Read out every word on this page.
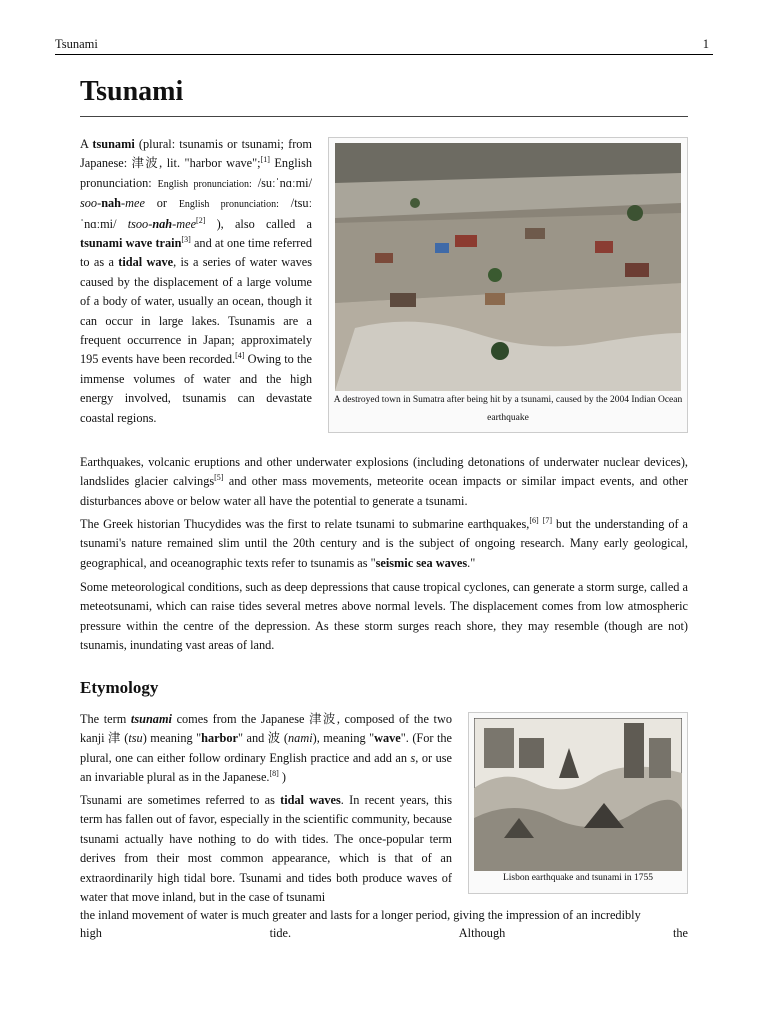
Tsunami	1
Tsunami

A tsunami (plural: tsunamis or tsunami; from Japanese: 津波, lit. "harbor wave";[1] English pronunciation: English pronunciation: /suːˈnɑːmi/ soo-nah-mee or English pronunciation: /tsuːˈnɑːmi/ tsoo-nah-mee[2] ), also called a tsunami wave train[3] and at one time referred to as a tidal wave, is a series of water waves caused by the displacement of a large volume of a body of water, usually an ocean, though it can occur in large lakes. Tsunamis are a frequent occurrence in Japan; approximately 195 events have been recorded.[4] Owing to the immense volumes of water and the high energy involved, tsunamis can devastate coastal regions.

A destroyed town in Sumatra after being hit by a tsunami, caused by the 2004 Indian Ocean earthquake

Earthquakes, volcanic eruptions and other underwater explosions (including detonations of underwater nuclear devices), landslides glacier calvings[5] and other mass movements, meteorite ocean impacts or similar impact events, and other disturbances above or below water all have the potential to generate a tsunami.

The Greek historian Thucydides was the first to relate tsunami to submarine earthquakes,[6] [7] but the understanding of a tsunami's nature remained slim until the 20th century and is the subject of ongoing research. Many early geological, geographical, and oceanographic texts refer to tsunamis as "seismic sea waves."

Some meteorological conditions, such as deep depressions that cause tropical cyclones, can generate a storm surge, called a meteotsunami, which can raise tides several metres above normal levels. The displacement comes from low atmospheric pressure within the centre of the depression. As these storm surges reach shore, they may resemble (though are not) tsunamis, inundating vast areas of land.

Etymology

The term tsunami comes from the Japanese 津波, composed of the two kanji 津 (tsu) meaning "harbor" and 波 (nami), meaning "wave". (For the plural, one can either follow ordinary English practice and add an s, or use an invariable plural as in the Japanese.[8] )

Tsunami are sometimes referred to as tidal waves. In recent years, this term has fallen out of favor, especially in the scientific community, because tsunami actually have nothing to do with tides. The once-popular term derives from their most common appearance, which is that of an extraordinarily high tidal bore. Tsunami and tides both produce waves of water that move inland, but in the case of tsunami

the inland movement of water is much greater and lasts for a longer period, giving the impression of an incredibly

high	tide.	Although	the
Lisbon earthquake and tsunami in 1755
